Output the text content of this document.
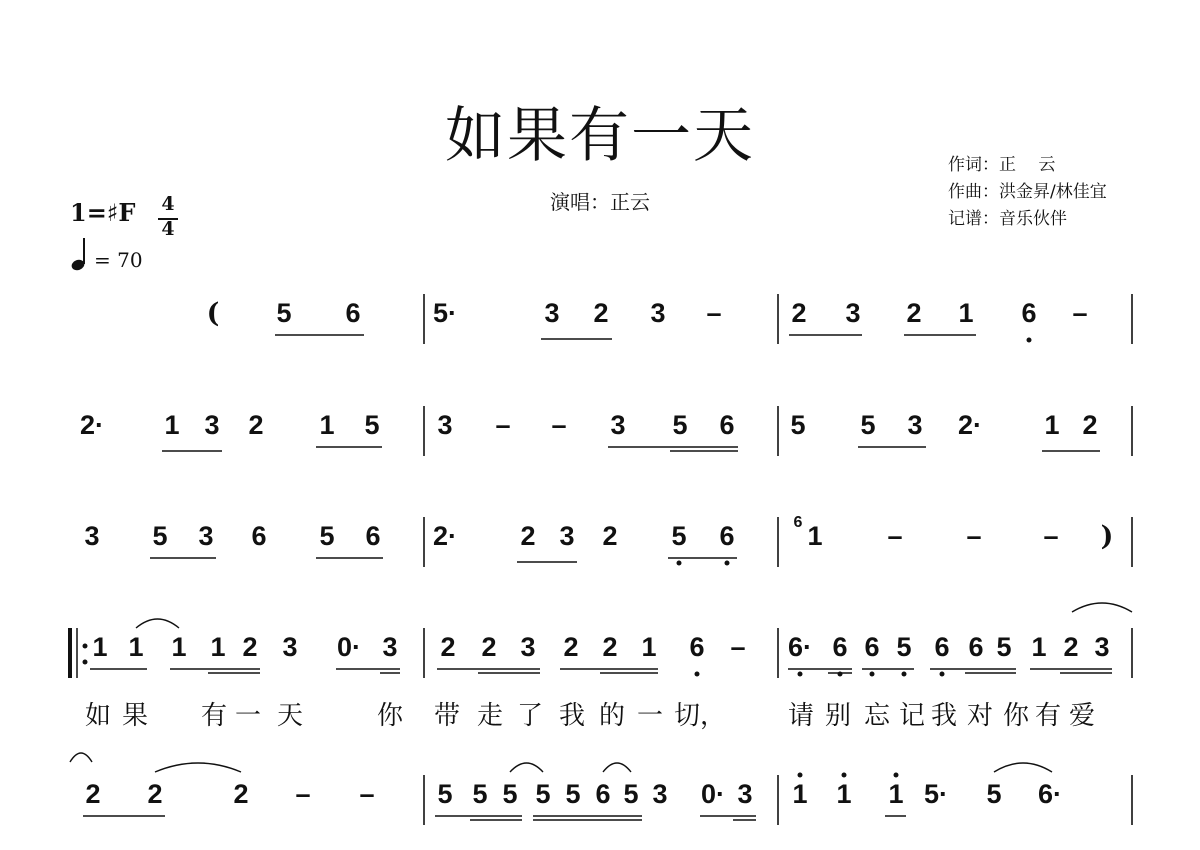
如果有一天
演唱：正云
作词：正　 云
作曲：洪金昇/林佳宜
记谱：音乐伙伴
1=♯F 4
4
= 70
( 5 6	5·	3 2 3 –	2 3 2 1 6 –
2· 1 3 2 1 5 3 – – 3 5 6 5 5 3 2· 1 2
3 5 3 6 5 6 2· 2 3 2 5 6	6 1 – – – )
1 1 1 1 2 3 0· 3 2 2 3 2 2 1 6 – 6· 6 6 5 6 6 5 1 2 3
2 2	2 – – 5 5 5 5 5 6 5 3 0· 3 1 1 1 5· 5 6·
如 果 有 一 天	你 带 走 了 我 的 一 切， 请 别 忘 记 我 对 你 有 爱
